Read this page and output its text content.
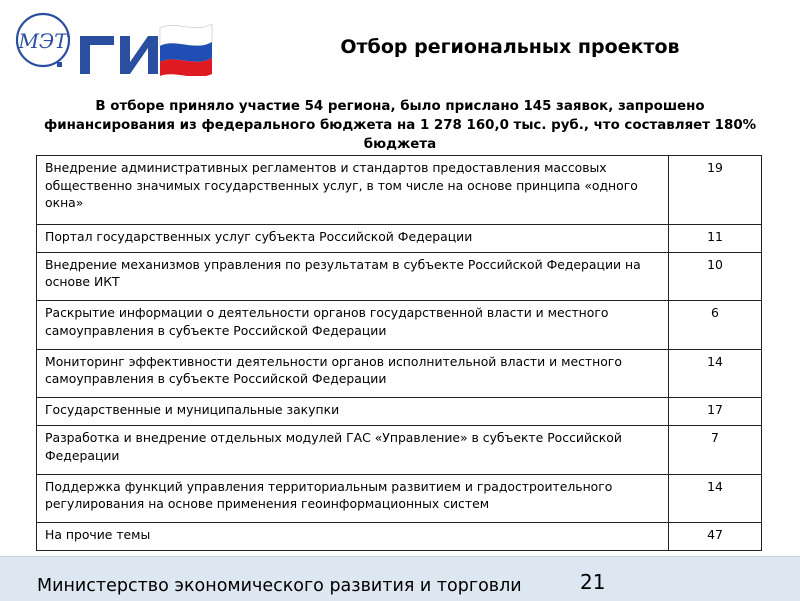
МЭТ	Отбор региональных проектов
В отборе приняло участие 54 региона, было прислано 145 заявок, запрошено финансирования из федерального бюджета на 1 278 160,0 тыс. руб., что составляет 180% бюджета
Внедрение административных регламентов и стандартов предоставления массовых общественно значимых государственных услуг, в том числе на основе принципа «одного окна»	19
Портал государственных услуг субъекта Российской Федерации	11
Внедрение механизмов управления по результатам в субъекте Российской Федерации на основе ИКТ	10
Раскрытие информации о деятельности органов государственной власти и местного самоуправления в субъекте Российской Федерации	6
Мониторинг эффективности деятельности органов исполнительной власти и местного самоуправления в субъекте Российской Федерации	14
Государственные и муниципальные закупки	17
Разработка и внедрение отдельных модулей ГАС «Управление» в субъекте Российской Федерации	7
Поддержка функций управления территориальным развитием и градостроительного регулирования на основе применения геоинформационных систем	14
На прочие темы	47
Министерство экономического развития и торговли	21
